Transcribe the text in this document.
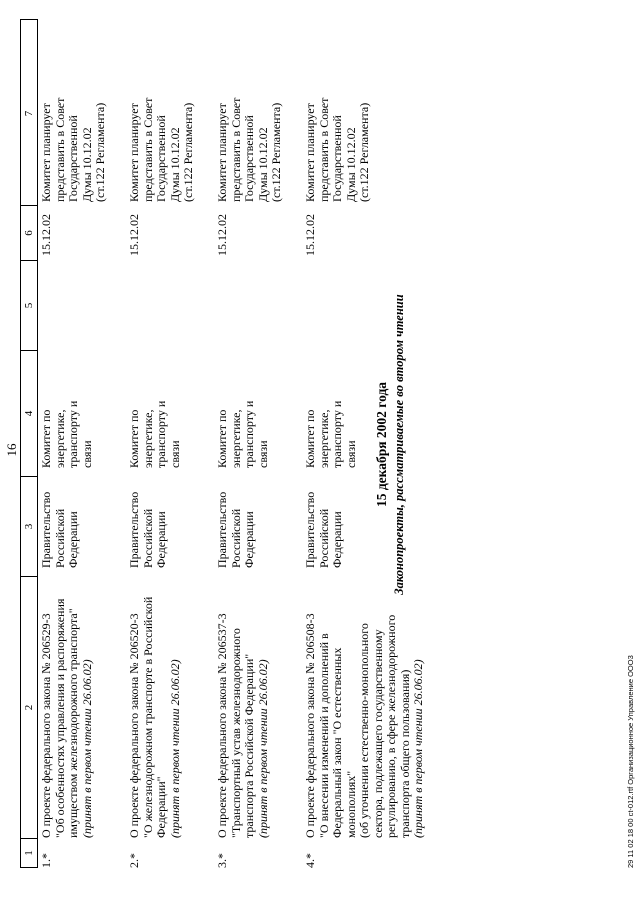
16
1
2
3
4
5
6
7
15 декабря 2002 года Законопроекты, рассматриваемые во втором чтении
1.*
О проекте федерального закона № 206529-3 "Об особенностях управления и распоряжения имуществом железнодорожного транспорта" (принят в первом чтении 26.06.02)
Правительство Российской Федерации
Комитет по энергетике, транспорту и связи
15.12.02
Комитет планирует представить в Совет Государственной Думы 10.12.02 (ст.122 Регламента)
2.*
О проекте федерального закона № 206520-3 "О железнодорожном транспорте в Российской Федерации" (принят в первом чтении 26.06.02)
Правительство Российской Федерации
Комитет по энергетике, транспорту и связи
15.12.02
Комитет планирует представить в Совет Государственной Думы 10.12.02 (ст.122 Регламента)
3.*
О проекте федерального закона № 206537-3 "Транспортный устав железнодорожного транспорта Российской Федерации" (принят в первом чтении 26.06.02)
Правительство Российской Федерации
Комитет по энергетике, транспорту и связи
15.12.02
Комитет планирует представить в Совет Государственной Думы 10.12.02 (ст.122 Регламента)
4.*
О проекте федерального закона № 206508-3 "О внесении изменений и дополнений в Федеральный закон "О естественных монополиях" (об уточнении естественно-монопольного сектора, подлежащего государственному регулированию, в сфере железнодорожного транспорта общего пользования) (принят в первом чтении 26.06.02)
Правительство Российской Федерации
Комитет по энергетике, транспорту и связи
15.12.02
Комитет планирует представить в Совет Государственной Думы 10.12.02 (ст.122 Регламента)
29 11 02 18 00 ct-012.rtf Организационное Управление ООО3
